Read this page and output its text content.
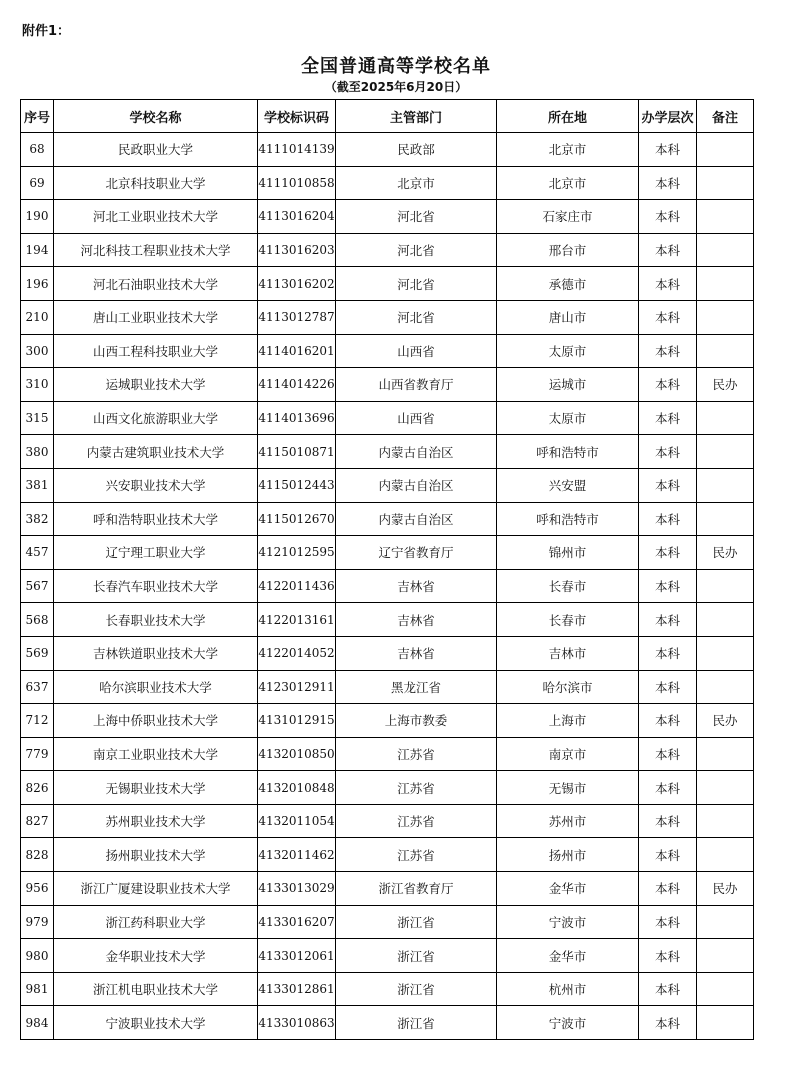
附件1：
全国普通高等学校名单
（截至2025年6月20日）
序号	学校名称	学校标识码	主管部门	所在地	办学层次	备注
68	民政职业大学	4111014139	民政部	北京市	本科	
69	北京科技职业大学	4111010858	北京市	北京市	本科	
190	河北工业职业技术大学	4113016204	河北省	石家庄市	本科	
194	河北科技工程职业技术大学	4113016203	河北省	邢台市	本科	
196	河北石油职业技术大学	4113016202	河北省	承德市	本科	
210	唐山工业职业技术大学	4113012787	河北省	唐山市	本科	
300	山西工程科技职业大学	4114016201	山西省	太原市	本科	
310	运城职业技术大学	4114014226	山西省教育厅	运城市	本科	民办
315	山西文化旅游职业大学	4114013696	山西省	太原市	本科	
380	内蒙古建筑职业技术大学	4115010871	内蒙古自治区	呼和浩特市	本科	
381	兴安职业技术大学	4115012443	内蒙古自治区	兴安盟	本科	
382	呼和浩特职业技术大学	4115012670	内蒙古自治区	呼和浩特市	本科	
457	辽宁理工职业大学	4121012595	辽宁省教育厅	锦州市	本科	民办
567	长春汽车职业技术大学	4122011436	吉林省	长春市	本科	
568	长春职业技术大学	4122013161	吉林省	长春市	本科	
569	吉林铁道职业技术大学	4122014052	吉林省	吉林市	本科	
637	哈尔滨职业技术大学	4123012911	黑龙江省	哈尔滨市	本科	
712	上海中侨职业技术大学	4131012915	上海市教委	上海市	本科	民办
779	南京工业职业技术大学	4132010850	江苏省	南京市	本科	
826	无锡职业技术大学	4132010848	江苏省	无锡市	本科	
827	苏州职业技术大学	4132011054	江苏省	苏州市	本科	
828	扬州职业技术大学	4132011462	江苏省	扬州市	本科	
956	浙江广厦建设职业技术大学	4133013029	浙江省教育厅	金华市	本科	民办
979	浙江药科职业大学	4133016207	浙江省	宁波市	本科	
980	金华职业技术大学	4133012061	浙江省	金华市	本科	
981	浙江机电职业技术大学	4133012861	浙江省	杭州市	本科	
984	宁波职业技术大学	4133010863	浙江省	宁波市	本科	
